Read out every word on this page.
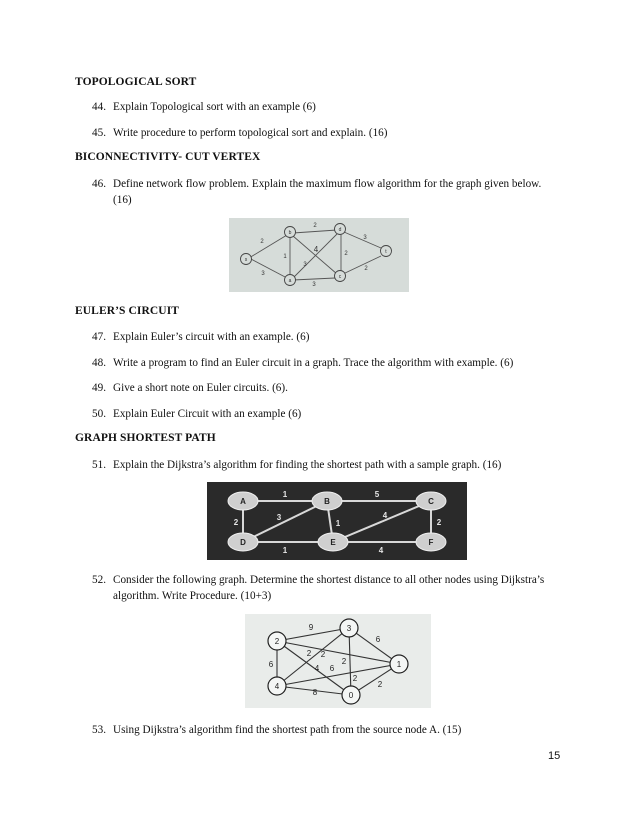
TOPOLOGICAL SORT
44. Explain Topological sort with an example (6)
45. Write procedure to perform topological sort and explain. (16)
BICONNECTIVITY- CUT VERTEX
46. Define network flow problem. Explain the maximum flow algorithm for the graph given below.
(16)
s
b	d
t
a
c
2
2
3
1
4
3
3
2
2
3
EULER’S CIRCUIT
47. Explain Euler’s circuit with an example. (6)
48. Write a program to find an Euler circuit in a graph. Trace the algorithm with example. (6)
49. Give a short note on Euler circuits. (6).
50. Explain Euler Circuit with an example (6)
GRAPH SHORTEST PATH
51. Explain the Dijkstra’s algorithm for finding the shortest path with a sample graph. (16)
A	B	C
D	E	F
1	5
2
1	4
2
3
1
4
52. Consider the following graph. Determine the shortest distance to all other nodes using Dijkstra’s
algorithm. Write Procedure. (10+3)
2
3
1
4
0
9
6
2 2
4 6
2
6
8
2
2
53. Using Dijkstra’s algorithm find the shortest path from the source node A. (15)
15
